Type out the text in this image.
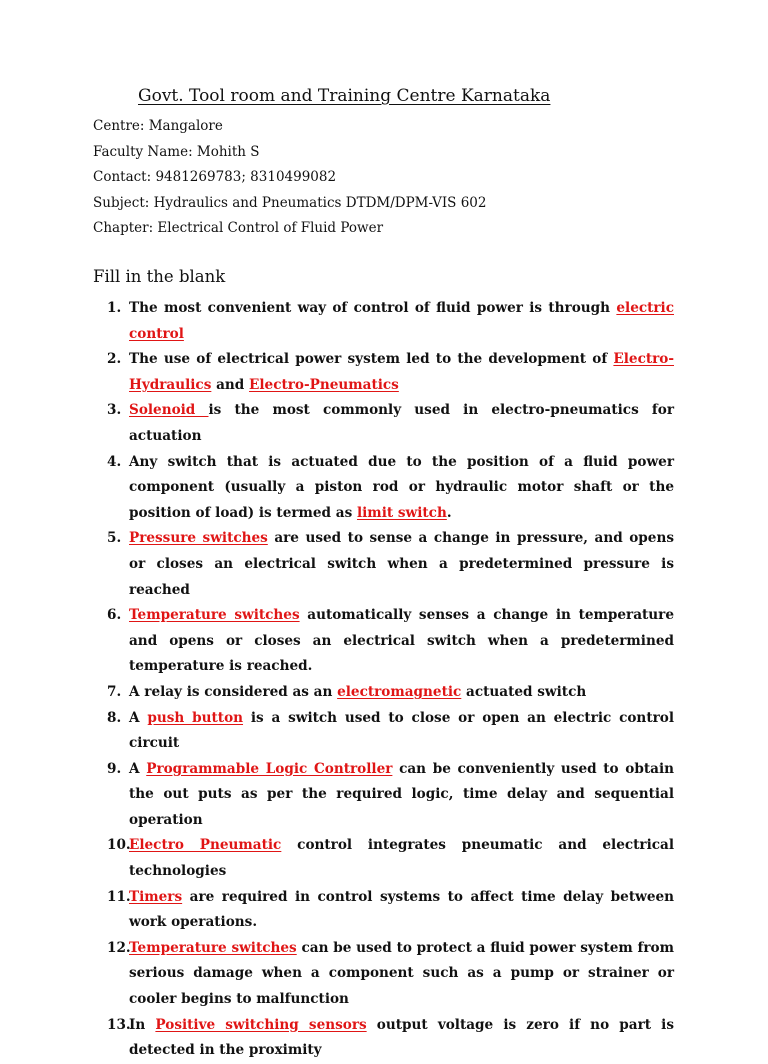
Govt. Tool room and Training Centre Karnataka
Centre: Mangalore
Faculty Name: Mohith S
Contact: 9481269783; 8310499082
Subject: Hydraulics and Pneumatics DTDM/DPM-VIS 602
Chapter: Electrical Control of Fluid Power
Fill in the blank
1. The most convenient way of control of fluid power is through electric control
2. The use of electrical power system led to the development of Electro-Hydraulics and Electro-Pneumatics
3. Solenoid is the most commonly used in electro-pneumatics for actuation
4. Any switch that is actuated due to the position of a fluid power component (usually a piston rod or hydraulic motor shaft or the position of load) is termed as limit switch.
5. Pressure switches are used to sense a change in pressure, and opens or closes an electrical switch when a predetermined pressure is reached
6. Temperature switches automatically senses a change in temperature and opens or closes an electrical switch when a predetermined temperature is reached.
7. A relay is considered as an electromagnetic actuated switch
8. A push button is a switch used to close or open an electric control circuit
9. A Programmable Logic Controller can be conveniently used to obtain the out puts as per the required logic, time delay and sequential operation
10.
Electro Pneumatic control integrates pneumatic and electrical technologies
11.
Timers are required in control systems to affect time delay between work operations.
12.
Temperature switches can be used to protect a fluid power system from serious damage when a component such as a pump or strainer or cooler begins to malfunction
13.
In Positive switching sensors output voltage is zero if no part is detected in the proximity
